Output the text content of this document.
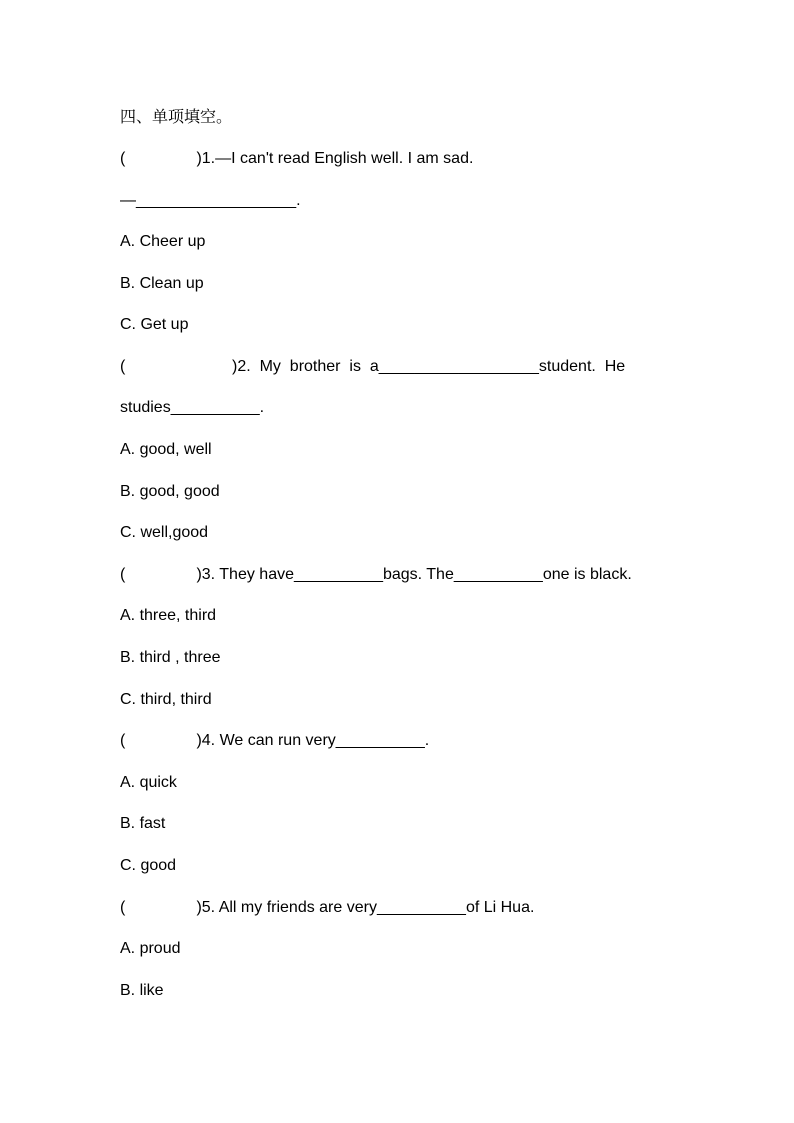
四、单项填空。
(                )1.—I can't read English well. I am sad.
—__________________.
A. Cheer up
B. Clean up
C. Get up
(                        )2.  My  brother  is  a__________________student.  He
studies__________.
A. good, well
B. good, good
C. well,good
(                )3. They have__________bags. The__________one is black.
A. three, third
B. third , three
C. third, third
(                )4. We can run very__________.
A. quick
B. fast
C. good
(                )5. All my friends are very__________of Li Hua.
A. proud
B. like
